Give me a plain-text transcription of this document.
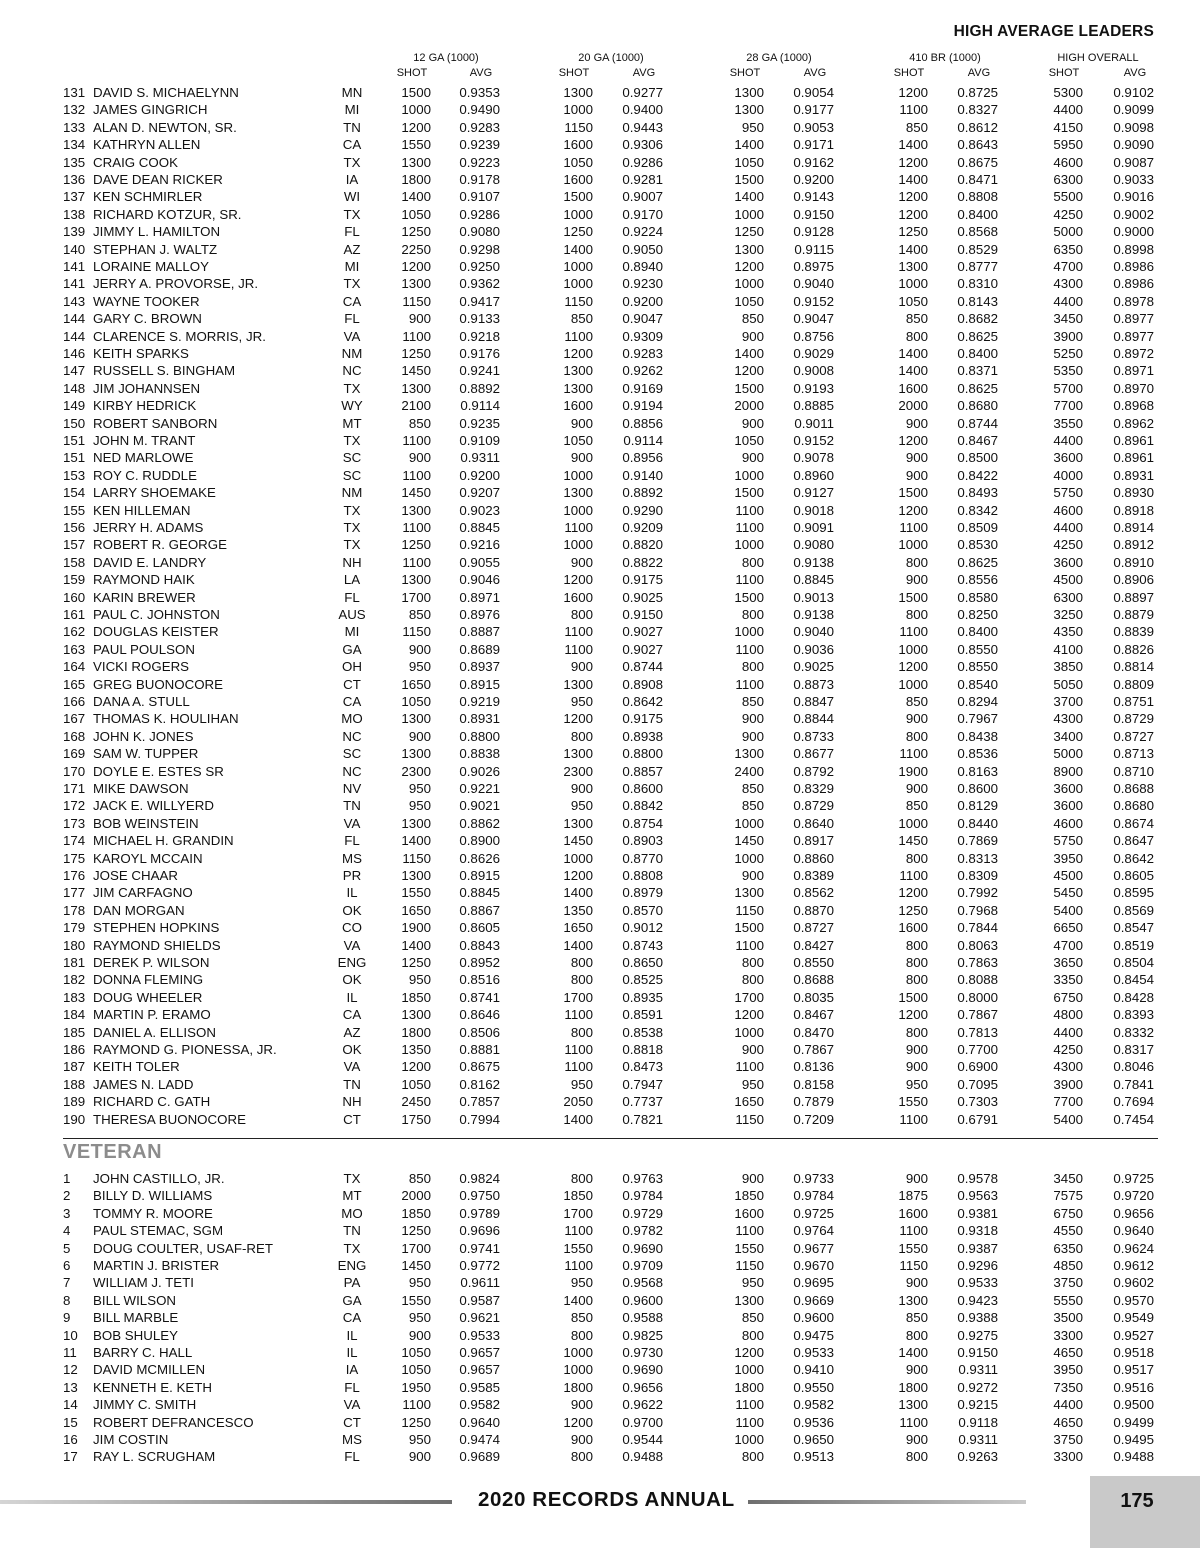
HIGH AVERAGE LEADERS
12 GA (1000)
SHOT	AVG
20 GA (1000)
SHOT	AVG
28 GA (1000)
SHOT	AVG
410 BR (1000)
SHOT	AVG
HIGH OVERALL
SHOT	AVG
131 DAVID S. MICHAELYNN	MN	1500	0.9353	1300	0.9277	1300	0.9054	1200	0.8725	5300	0.9102
132 JAMES GINGRICH	MI	1000	0.9490	1000	0.9400	1300	0.9177	1100	0.8327	4400	0.9099
133 ALAN D. NEWTON, SR.	TN	1200	0.9283	1150	0.9443	950	0.9053	850	0.8612	4150	0.9098
134 KATHRYN ALLEN	CA	1550	0.9239	1600	0.9306	1400	0.9171	1400	0.8643	5950	0.9090
135 CRAIG COOK	TX	1300	0.9223	1050	0.9286	1050	0.9162	1200	0.8675	4600	0.9087
136 DAVE DEAN RICKER	IA	1800	0.9178	1600	0.9281	1500	0.9200	1400	0.8471	6300	0.9033
137 KEN SCHMIRLER	WI	1400	0.9107	1500	0.9007	1400	0.9143	1200	0.8808	5500	0.9016
138 RICHARD KOTZUR, SR.	TX	1050	0.9286	1000	0.9170	1000	0.9150	1200	0.8400	4250	0.9002
139 JIMMY L. HAMILTON	FL	1250	0.9080	1250	0.9224	1250	0.9128	1250	0.8568	5000	0.9000
140 STEPHAN J. WALTZ	AZ	2250	0.9298	1400	0.9050	1300	0.9115	1400	0.8529	6350	0.8998
141 LORAINE MALLOY	MI	1200	0.9250	1000	0.8940	1200	0.8975	1300	0.8777	4700	0.8986
141 JERRY A. PROVORSE, JR.	TX	1300	0.9362	1000	0.9230	1000	0.9040	1000	0.8310	4300	0.8986
143 WAYNE TOOKER	CA	1150	0.9417	1150	0.9200	1050	0.9152	1050	0.8143	4400	0.8978
144 GARY C. BROWN	FL	900	0.9133	850	0.9047	850	0.9047	850	0.8682	3450	0.8977
144 CLARENCE S. MORRIS, JR.	VA	1100	0.9218	1100	0.9309	900	0.8756	800	0.8625	3900	0.8977
146 KEITH SPARKS	NM	1250	0.9176	1200	0.9283	1400	0.9029	1400	0.8400	5250	0.8972
147 RUSSELL S. BINGHAM	NC	1450	0.9241	1300	0.9262	1200	0.9008	1400	0.8371	5350	0.8971
148 JIM JOHANNSEN	TX	1300	0.8892	1300	0.9169	1500	0.9193	1600	0.8625	5700	0.8970
149 KIRBY HEDRICK	WY	2100	0.9114	1600	0.9194	2000	0.8885	2000	0.8680	7700	0.8968
150 ROBERT SANBORN	MT	850	0.9235	900	0.8856	900	0.9011	900	0.8744	3550	0.8962
151 JOHN M. TRANT	TX	1100	0.9109	1050	0.9114	1050	0.9152	1200	0.8467	4400	0.8961
151 NED MARLOWE	SC	900	0.9311	900	0.8956	900	0.9078	900	0.8500	3600	0.8961
153 ROY C. RUDDLE	SC	1100	0.9200	1000	0.9140	1000	0.8960	900	0.8422	4000	0.8931
154 LARRY SHOEMAKE	NM	1450	0.9207	1300	0.8892	1500	0.9127	1500	0.8493	5750	0.8930
155 KEN HILLEMAN	TX	1300	0.9023	1000	0.9290	1100	0.9018	1200	0.8342	4600	0.8918
156 JERRY H. ADAMS	TX	1100	0.8845	1100	0.9209	1100	0.9091	1100	0.8509	4400	0.8914
157 ROBERT R. GEORGE	TX	1250	0.9216	1000	0.8820	1000	0.9080	1000	0.8530	4250	0.8912
158 DAVID E. LANDRY	NH	1100	0.9055	900	0.8822	800	0.9138	800	0.8625	3600	0.8910
159 RAYMOND HAIK	LA	1300	0.9046	1200	0.9175	1100	0.8845	900	0.8556	4500	0.8906
160 KARIN BREWER	FL	1700	0.8971	1600	0.9025	1500	0.9013	1500	0.8580	6300	0.8897
161 PAUL C. JOHNSTON	AUS	850	0.8976	800	0.9150	800	0.9138	800	0.8250	3250	0.8879
162 DOUGLAS KEISTER	MI	1150	0.8887	1100	0.9027	1000	0.9040	1100	0.8400	4350	0.8839
163 PAUL POULSON	GA	900	0.8689	1100	0.9027	1100	0.9036	1000	0.8550	4100	0.8826
164 VICKI ROGERS	OH	950	0.8937	900	0.8744	800	0.9025	1200	0.8550	3850	0.8814
165 GREG BUONOCORE	CT	1650	0.8915	1300	0.8908	1100	0.8873	1000	0.8540	5050	0.8809
166 DANA A. STULL	CA	1050	0.9219	950	0.8642	850	0.8847	850	0.8294	3700	0.8751
167 THOMAS K. HOULIHAN	MO	1300	0.8931	1200	0.9175	900	0.8844	900	0.7967	4300	0.8729
168 JOHN K. JONES	NC	900	0.8800	800	0.8938	900	0.8733	800	0.8438	3400	0.8727
169 SAM W. TUPPER	SC	1300	0.8838	1300	0.8800	1300	0.8677	1100	0.8536	5000	0.8713
170 DOYLE E. ESTES SR	NC	2300	0.9026	2300	0.8857	2400	0.8792	1900	0.8163	8900	0.8710
171 MIKE DAWSON	NV	950	0.9221	900	0.8600	850	0.8329	900	0.8600	3600	0.8688
172 JACK E. WILLYERD	TN	950	0.9021	950	0.8842	850	0.8729	850	0.8129	3600	0.8680
173 BOB WEINSTEIN	VA	1300	0.8862	1300	0.8754	1000	0.8640	1000	0.8440	4600	0.8674
174 MICHAEL H. GRANDIN	FL	1400	0.8900	1450	0.8903	1450	0.8917	1450	0.7869	5750	0.8647
175 KAROYL MCCAIN	MS	1150	0.8626	1000	0.8770	1000	0.8860	800	0.8313	3950	0.8642
176 JOSE CHAAR	PR	1300	0.8915	1200	0.8808	900	0.8389	1100	0.8309	4500	0.8605
177 JIM CARFAGNO	IL	1550	0.8845	1400	0.8979	1300	0.8562	1200	0.7992	5450	0.8595
178 DAN MORGAN	OK	1650	0.8867	1350	0.8570	1150	0.8870	1250	0.7968	5400	0.8569
179 STEPHEN HOPKINS	CO	1900	0.8605	1650	0.9012	1500	0.8727	1600	0.7844	6650	0.8547
180 RAYMOND SHIELDS	VA	1400	0.8843	1400	0.8743	1100	0.8427	800	0.8063	4700	0.8519
181 DEREK P. WILSON	ENG	1250	0.8952	800	0.8650	800	0.8550	800	0.7863	3650	0.8504
182 DONNA FLEMING	OK	950	0.8516	800	0.8525	800	0.8688	800	0.8088	3350	0.8454
183 DOUG WHEELER	IL	1850	0.8741	1700	0.8935	1700	0.8035	1500	0.8000	6750	0.8428
184 MARTIN P. ERAMO	CA	1300	0.8646	1100	0.8591	1200	0.8467	1200	0.7867	4800	0.8393
185 DANIEL A. ELLISON	AZ	1800	0.8506	800	0.8538	1000	0.8470	800	0.7813	4400	0.8332
186 RAYMOND G. PIONESSA, JR.	OK	1350	0.8881	1100	0.8818	900	0.7867	900	0.7700	4250	0.8317
187 KEITH TOLER	VA	1200	0.8675	1100	0.8473	1100	0.8136	900	0.6900	4300	0.8046
188 JAMES N. LADD	TN	1050	0.8162	950	0.7947	950	0.8158	950	0.7095	3900	0.7841
189 RICHARD C. GATH	NH	2450	0.7857	2050	0.7737	1650	0.7879	1550	0.7303	7700	0.7694
190 THERESA BUONOCORE	CT	1750	0.7994	1400	0.7821	1150	0.7209	1100	0.6791	5400	0.7454
VETERAN
1 JOHN CASTILLO, JR.	TX	850	0.9824	800	0.9763	900	0.9733	900	0.9578	3450	0.9725
2 BILLY D. WILLIAMS	MT	2000	0.9750	1850	0.9784	1850	0.9784	1875	0.9563	7575	0.9720
3 TOMMY R. MOORE	MO	1850	0.9789	1700	0.9729	1600	0.9725	1600	0.9381	6750	0.9656
4 PAUL STEMAC, SGM	TN	1250	0.9696	1100	0.9782	1100	0.9764	1100	0.9318	4550	0.9640
5 DOUG COULTER, USAF-RET	TX	1700	0.9741	1550	0.9690	1550	0.9677	1550	0.9387	6350	0.9624
6 MARTIN J. BRISTER	ENG	1450	0.9772	1100	0.9709	1150	0.9670	1150	0.9296	4850	0.9612
7 WILLIAM J. TETI	PA	950	0.9611	950	0.9568	950	0.9695	900	0.9533	3750	0.9602
8 BILL WILSON	GA	1550	0.9587	1400	0.9600	1300	0.9669	1300	0.9423	5550	0.9570
9 BILL MARBLE	CA	950	0.9621	850	0.9588	850	0.9600	850	0.9388	3500	0.9549
10 BOB SHULEY	IL	900	0.9533	800	0.9825	800	0.9475	800	0.9275	3300	0.9527
11 BARRY C. HALL	IL	1050	0.9657	1000	0.9730	1200	0.9533	1400	0.9150	4650	0.9518
12 DAVID MCMILLEN	IA	1050	0.9657	1000	0.9690	1000	0.9410	900	0.9311	3950	0.9517
13 KENNETH E. KETH	FL	1950	0.9585	1800	0.9656	1800	0.9550	1800	0.9272	7350	0.9516
14 JIMMY C. SMITH	VA	1100	0.9582	900	0.9622	1100	0.9582	1300	0.9215	4400	0.9500
15 ROBERT DEFRANCESCO	CT	1250	0.9640	1200	0.9700	1100	0.9536	1100	0.9118	4650	0.9499
16 JIM COSTIN	MS	950	0.9474	900	0.9544	1000	0.9650	900	0.9311	3750	0.9495
17 RAY L. SCRUGHAM	FL	900	0.9689	800	0.9488	800	0.9513	800	0.9263	3300	0.9488
2020 RECORDS ANNUAL	175
